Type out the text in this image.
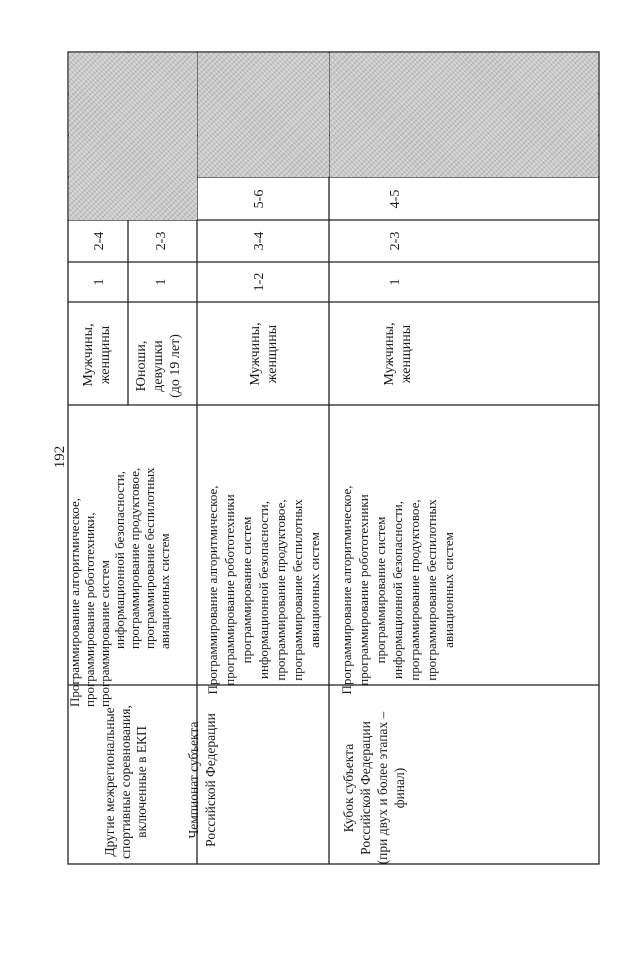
192
Другие межрегиональные спортивные соревнования, включенные в ЕКП
Программирование алгоритмическое, программирование робототехники, программирование систем информационной безопасности, программирование продуктовое, программирование беспилотных авиационных систем
Мужчины, женщины
1
2-4
Юноши, девушки (до 19 лет)
1
2-3
Чемпионат субъекта Российской Федерации
Программирование алгоритмическое, программирование робототехники программирование систем информационной безопасности, программирование продуктовое, программирование беспилотных авиационных систем
Мужчины, женщины
1-2
3-4
5-6
Кубок субъекта Российской Федерации (при двух и более этапах – финал)
Программирование алгоритмическое, программирование робототехники программирование систем информационной безопасности, программирование продуктовое, программирование беспилотных авиационных систем
Мужчины, женщины
1
2-3
4-5
